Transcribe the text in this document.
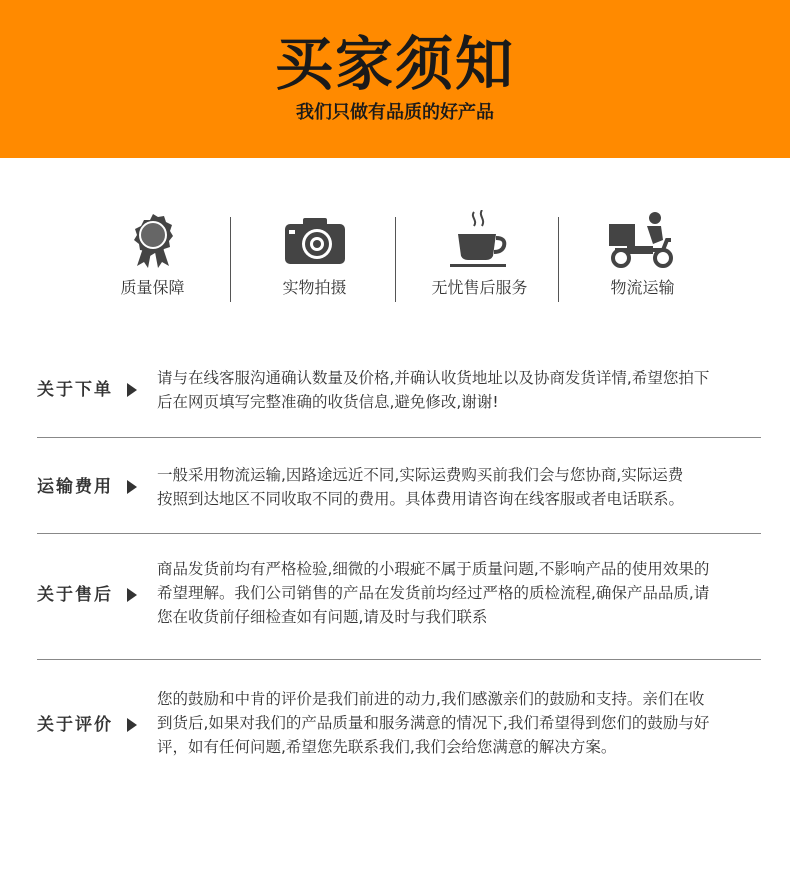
买家须知
我们只做有品质的好产品
质量保障	实物拍摄	无忧售后服务	物流运输
关于下单
请与在线客服沟通确认数量及价格,并确认收货地址以及协商发货详情,希望您拍下
后在网页填写完整准确的收货信息,避免修改,谢谢!
运输费用
一般采用物流运输,因路途远近不同,实际运费购买前我们会与您协商,实际运费
按照到达地区不同收取不同的费用。具体费用请咨询在线客服或者电话联系。
关于售后
商品发货前均有严格检验,细微的小瑕疵不属于质量问题,不影响产品的使用效果的
希望理解。我们公司销售的产品在发货前均经过严格的质检流程,确保产品品质,请
您在收货前仔细检查如有问题,请及时与我们联系
关于评价
您的鼓励和中肯的评价是我们前进的动力,我们感激亲们的鼓励和支持。亲们在收
到货后,如果对我们的产品质量和服务满意的情况下,我们希望得到您们的鼓励与好
评，如有任何问题,希望您先联系我们,我们会给您满意的解决方案。
